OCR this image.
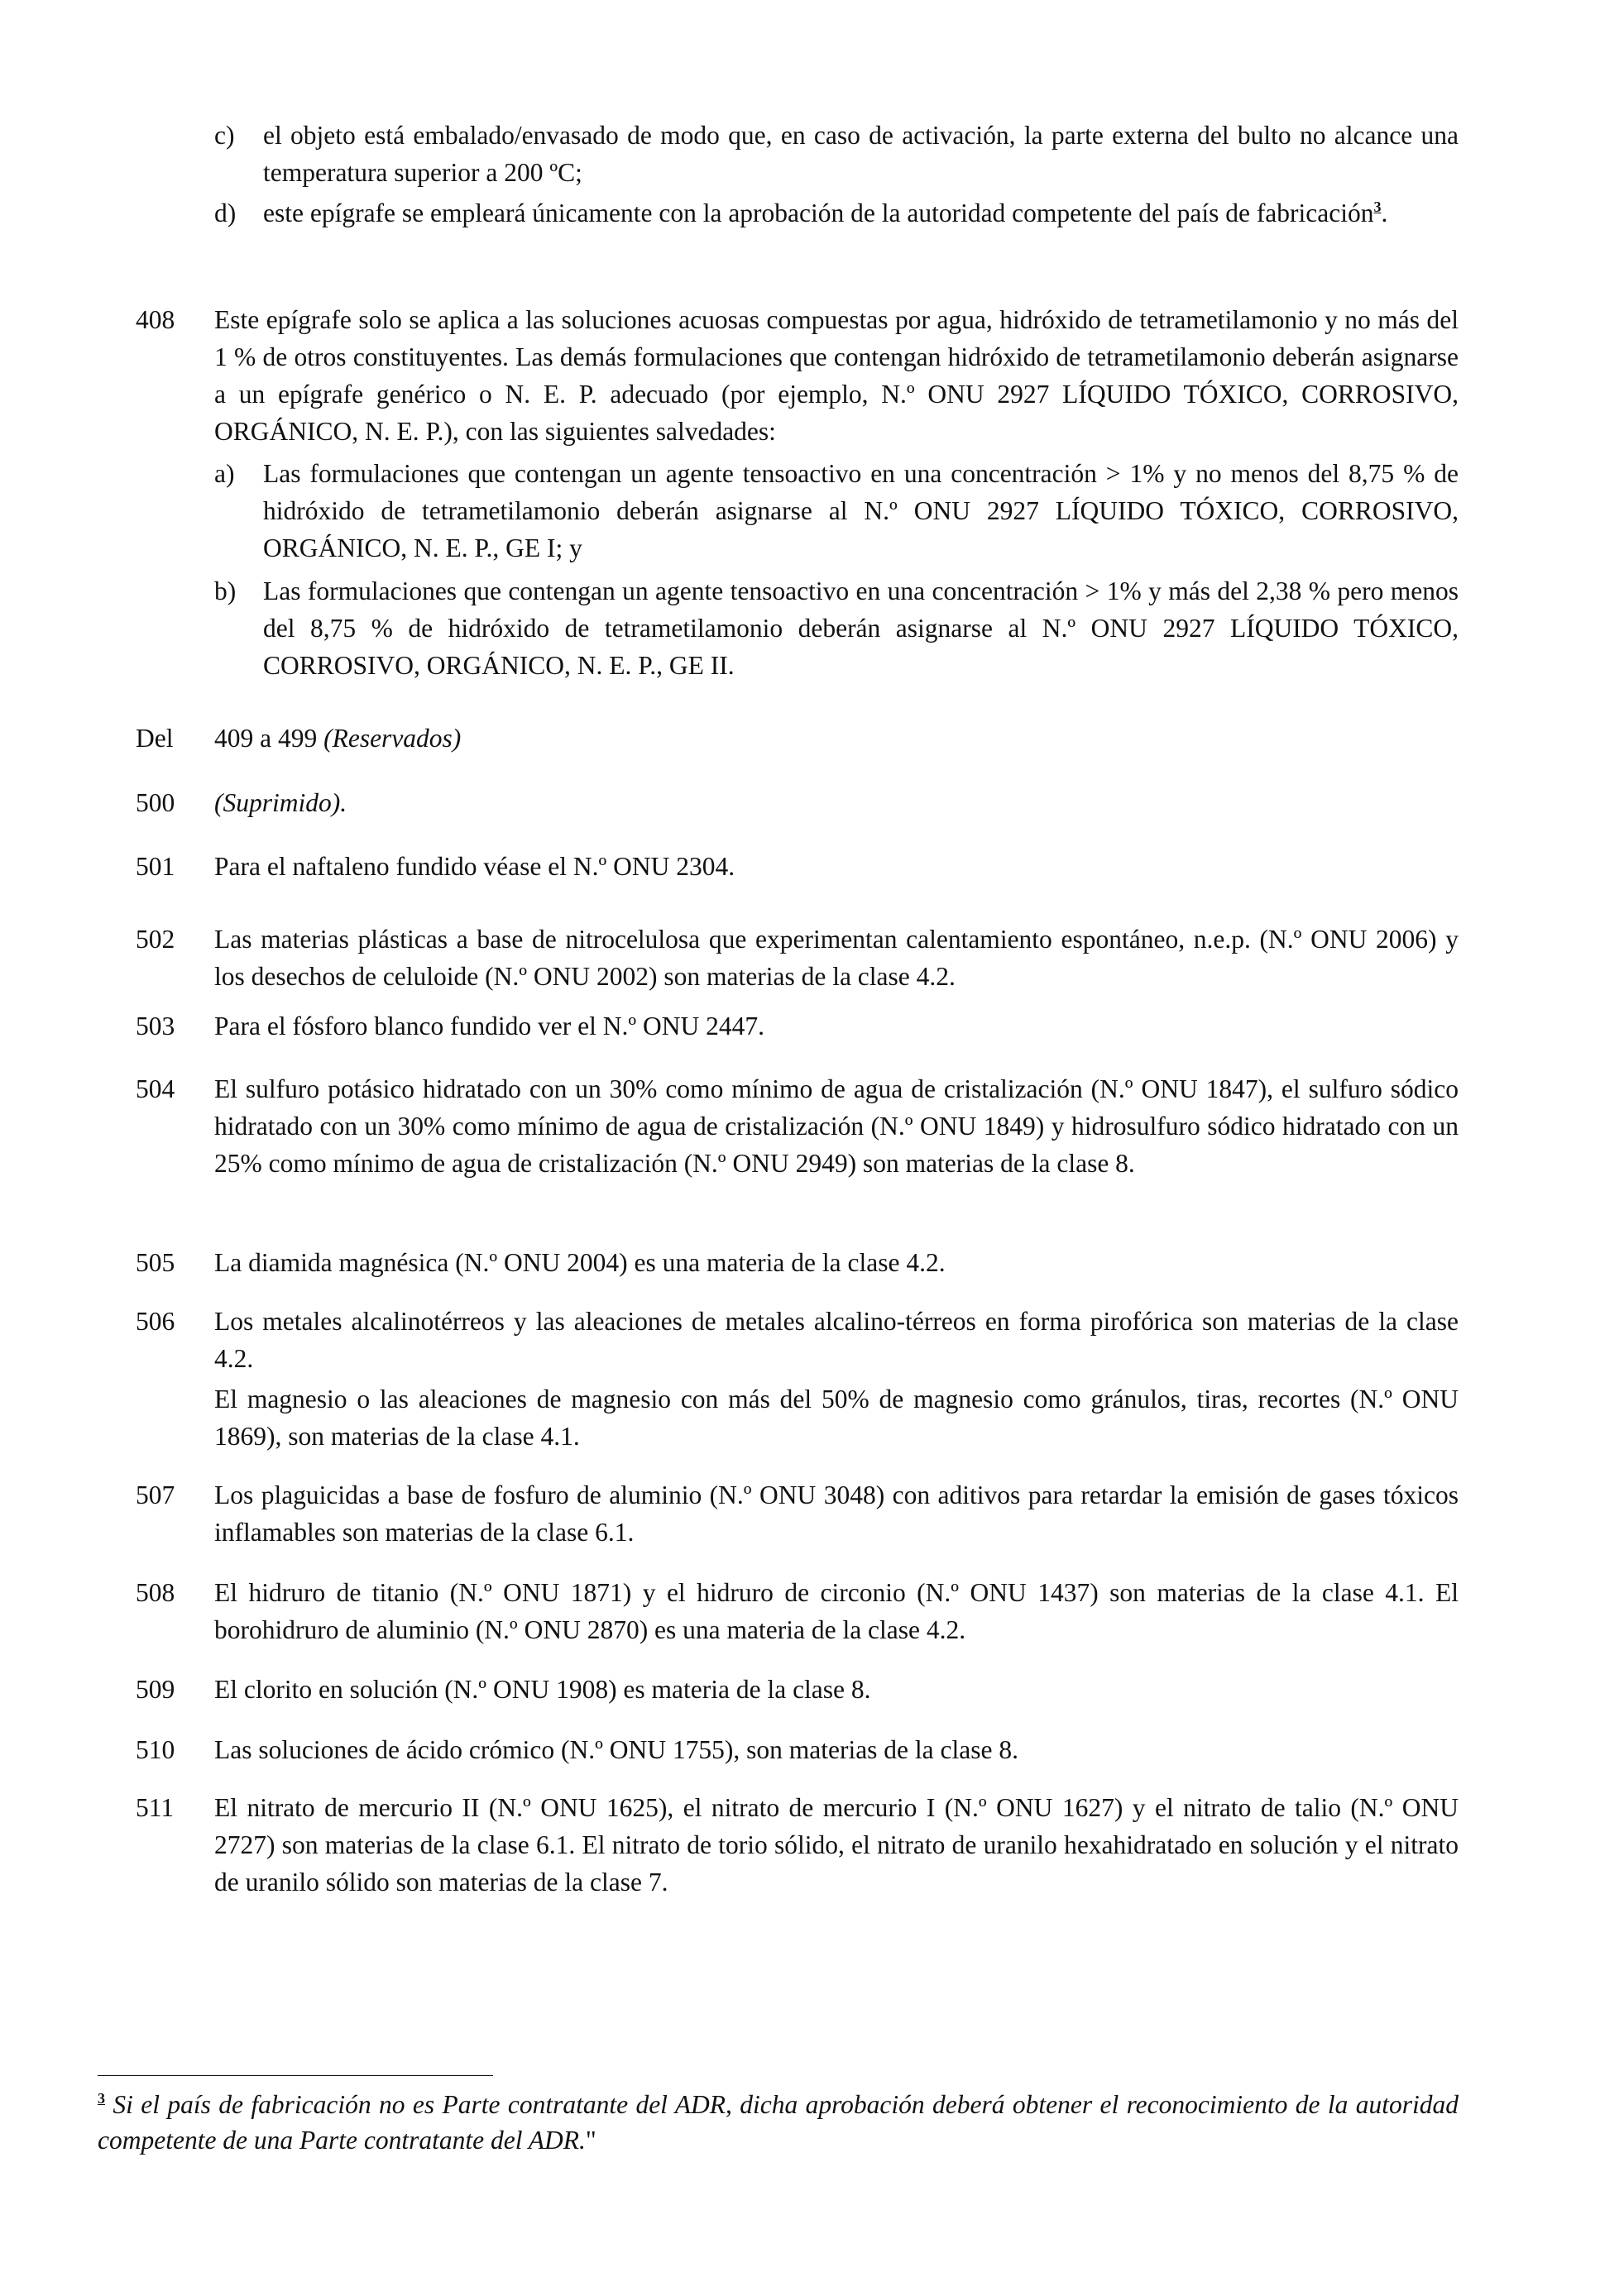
c)	el objeto está embalado/envasado de modo que, en caso de activación, la parte externa del bulto no alcance una temperatura superior a 200 ºC;
d)	este epígrafe se empleará únicamente con la aprobación de la autoridad competente del país de fabricación$^3$.
408	Este epígrafe solo se aplica a las soluciones acuosas compuestas por agua, hidróxido de tetrametilamonio y no más del 1 % de otros constituyentes. Las demás formulaciones que contengan hidróxido de tetrametilamonio deberán asignarse a un epígrafe genérico o N. E. P. adecuado (por ejemplo, N.º ONU 2927 LÍQUIDO TÓXICO, CORROSIVO, ORGÁNICO, N. E. P.), con las siguientes salvedades:
a)	Las formulaciones que contengan un agente tensoactivo en una concentración > 1% y no menos del 8,75 % de hidróxido de tetrametilamonio deberán asignarse al N.º ONU 2927 LÍQUIDO TÓXICO, CORROSIVO, ORGÁNICO, N. E. P., GE I; y
b)	Las formulaciones que contengan un agente tensoactivo en una concentración > 1% y más del 2,38 % pero menos del 8,75 % de hidróxido de tetrametilamonio deberán asignarse al N.º ONU 2927 LÍQUIDO TÓXICO, CORROSIVO, ORGÁNICO, N. E. P., GE II.
Del	409 a 499 (Reservados)
500	(Suprimido).
501	Para el naftaleno fundido véase el N.º ONU 2304.
502	Las materias plásticas a base de nitrocelulosa que experimentan calentamiento espontáneo, n.e.p. (N.º ONU 2006) y los desechos de celuloide (N.º ONU 2002) son materias de la clase 4.2.
503	Para el fósforo blanco fundido ver el N.º ONU 2447.
504	El sulfuro potásico hidratado con un 30% como mínimo de agua de cristalización (N.º ONU 1847), el sulfuro sódico hidratado con un 30% como mínimo de agua de cristalización (N.º ONU 1849) y hidrosulfuro sódico hidratado con un 25% como mínimo de agua de cristalización (N.º ONU 2949) son materias de la clase 8.
505	La diamida magnésica (N.º ONU 2004) es una materia de la clase 4.2.
506	Los metales alcalinotérreos y las aleaciones de metales alcalino-térreos en forma pirofórica son materias de la clase 4.2.
El magnesio o las aleaciones de magnesio con más del 50% de magnesio como gránulos, tiras, recortes (N.º ONU 1869), son materias de la clase 4.1.
507	Los plaguicidas a base de fosfuro de aluminio (N.º ONU 3048) con aditivos para retardar la emisión de gases tóxicos inflamables son materias de la clase 6.1.
508	El hidruro de titanio (N.º ONU 1871) y el hidruro de circonio (N.º ONU 1437) son materias de la clase 4.1. El borohidruro de aluminio (N.º ONU 2870) es una materia de la clase 4.2.
509	El clorito en solución (N.º ONU 1908) es materia de la clase 8.
510	Las soluciones de ácido crómico (N.º ONU 1755), son materias de la clase 8.
511	El nitrato de mercurio II (N.º ONU 1625), el nitrato de mercurio I (N.º ONU 1627) y el nitrato de talio (N.º ONU 2727) son materias de la clase 6.1. El nitrato de torio sólido, el nitrato de uranilo hexahidratado en solución y el nitrato de uranilo sólido son materias de la clase 7.
$^3$ Si el país de fabricación no es Parte contratante del ADR, dicha aprobación deberá obtener el reconocimiento de la autoridad competente de una Parte contratante del ADR."
